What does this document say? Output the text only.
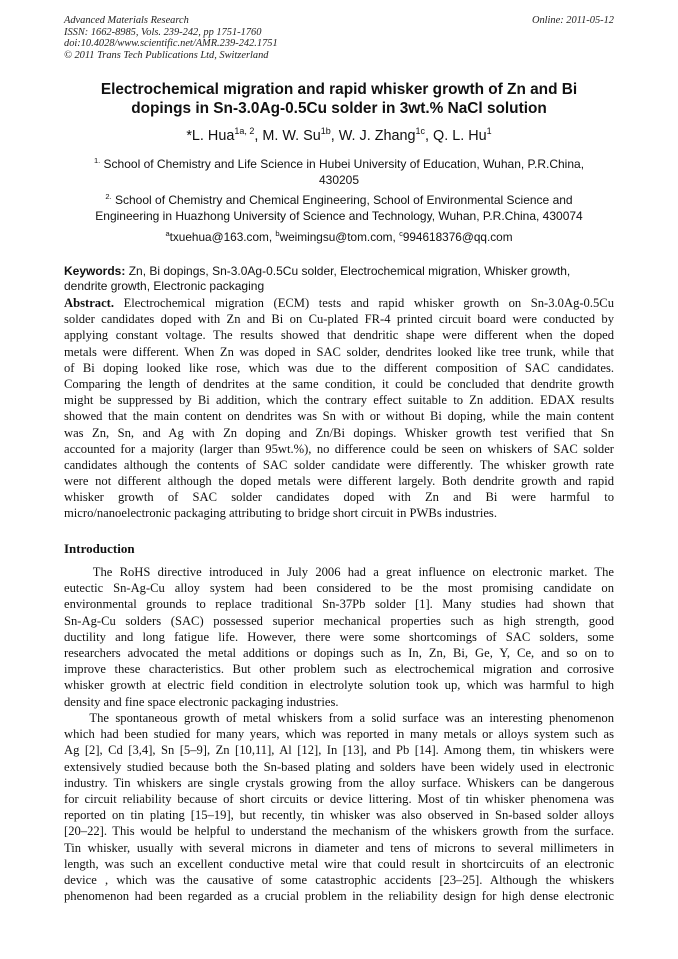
Advanced Materials Research
ISSN: 1662-8985, Vols. 239-242, pp 1751-1760
doi:10.4028/www.scientific.net/AMR.239-242.1751
© 2011 Trans Tech Publications Ltd, Switzerland
Online: 2011-05-12
Electrochemical migration and rapid whisker growth of Zn and Bi
dopings in Sn-3.0Ag-0.5Cu solder in 3wt.% NaCl solution
*L. Hua$^{1a, 2}$, M. W. $Su^{1b}$, W. J. Zhang$^{1c}$, Q. L. Hu$^1$
$^{1.}$ School of Chemistry and Life Science in Hubei University of Education, Wuhan, P.R.China,
430205
$^{2.}$ School of Chemistry and Chemical Engineering, School of Environmental Science and
Engineering in Huazhong University of Science and Technology, Wuhan, P.R.China, 430074
$^a$txuehua@163.com, $^b$weimingsu@tom.com, $^c$994618376@qq.com
Keywords: Zn, Bi dopings, Sn-3.0Ag-0.5Cu solder, Electrochemical migration, Whisker growth,
dendrite growth, Electronic packaging
Abstract. Electrochemical migration (ECM) tests and rapid whisker growth on Sn-3.0Ag-0.5Cu
solder candidates doped with Zn and Bi on Cu-plated FR-4 printed circuit board were conducted by
applying constant voltage. The results showed that dendritic shape were different when the doped
metals were different. When Zn was doped in SAC solder, dendrites looked like tree trunk, while that
of Bi doping looked like rose, which was due to the different composition of SAC candidates.
Comparing the length of dendrites at the same condition, it could be concluded that dendrite growth
might be suppressed by Bi addition, which the contrary effect suitable to Zn addition. EDAX results
showed that the main content on dendrites was Sn with or without Bi doping, while the main content
was Zn, Sn, and Ag with Zn doping and Zn/Bi dopings. Whisker growth test verified that Sn
accounted for a majority (larger than 95wt.%), no difference could be seen on whiskers of SAC solder
candidates although the contents of SAC solder candidate were differently. The whisker growth rate
were not different although the doped metals were different largely. Both dendrite growth and rapid
whisker growth of SAC solder candidates doped with Zn and Bi were harmful to
micro/nanoelectronic packaging attributing to bridge short circuit in PWBs industries.
Introduction
The RoHS directive introduced in July 2006 had a great influence on electronic market. The
eutectic Sn-Ag-Cu alloy system had been considered to be the most promising candidate on
environmental grounds to replace traditional Sn-37Pb solder [1]. Many studies had shown that
Sn-Ag-Cu solders (SAC) possessed superior mechanical properties such as high strength, good
ductility and long fatigue life. However, there were some shortcomings of SAC solders, some
researchers advocated the metal additions or dopings such as In, Zn, Bi, Ge, Y, Ce, and so on to
improve these characteristics. But other problem such as electrochemical migration and corrosive
whisker growth at electric field condition in electrolyte solution took up, which was harmful to high
density and fine space electronic packaging industries.
The spontaneous growth of metal whiskers from a solid surface was an interesting phenomenon
which had been studied for many years, which was reported in many metals or alloys system such as
Ag [2], Cd [3,4], Sn [5–9], Zn [10,11], Al [12], In [13], and Pb [14]. Among them, tin whiskers were
extensively studied because both the Sn-based plating and solders have been widely used in electronic
industry. Tin whiskers are single crystals growing from the alloy surface. Whiskers can be dangerous
for circuit reliability because of short circuits or device littering. Most of tin whisker phenomena was
reported on tin plating [15–19], but recently, tin whisker was also observed in Sn-based solder alloys
[20–22]. This would be helpful to understand the mechanism of the whiskers growth from the surface.
Tin whisker, usually with several microns in diameter and tens of microns to several millimeters in
length, was such an excellent conductive metal wire that could result in shortcircuits of an electronic
device , which was the causative of some catastrophic accidents [23–25]. Although the whiskers
phenomenon had been regarded as a crucial problem in the reliability design for high dense electronic
